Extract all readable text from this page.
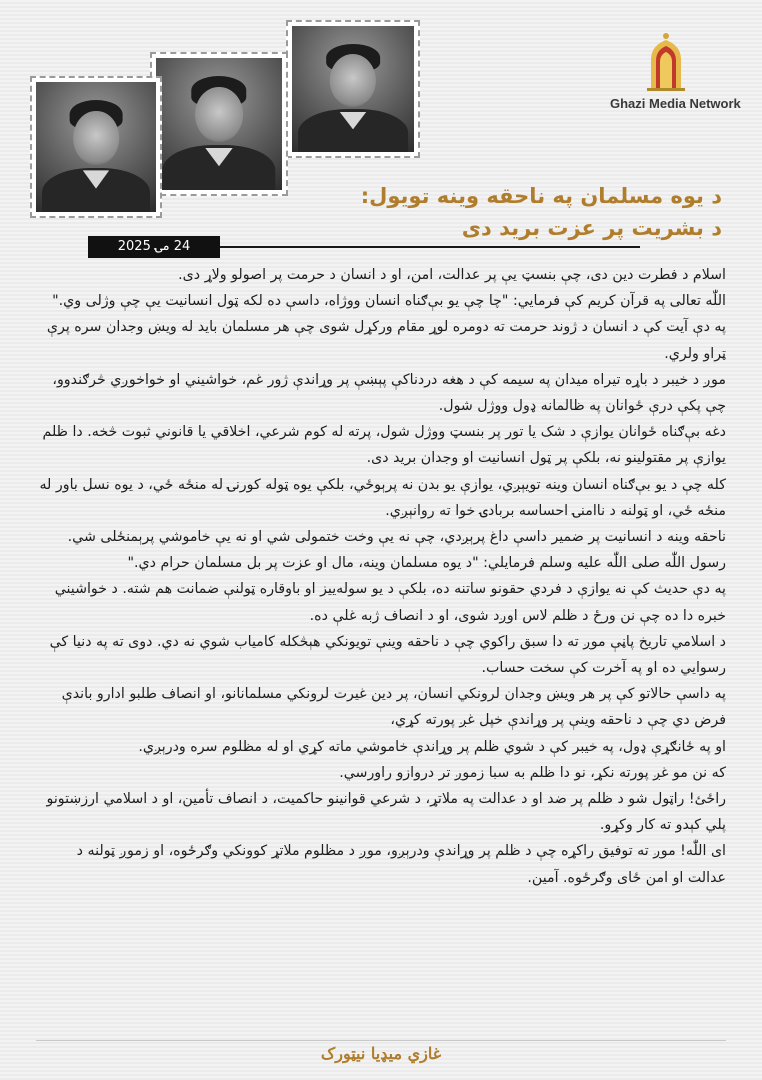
Ghazi Media Network
د یوه مسلمان په ناحقه وینه تویول:
د بشریت پر عزت برید دی
24 مۍ 2025

اسلام د فطرت دین دی، چې بنسټ یې پر عدالت، امن، او د انسان د حرمت پر اصولو ولاړ دی.

اللّٰه تعالی په قرآن کریم کې فرمايي: "چا چې یو بې‌ګناه انسان ووژاه، داسې ده لکه ټول انسانیت یې چې وژلی وي."

په دې آیت کې د انسان د ژوند حرمت ته دومره لوړ مقام ورکړل شوی چې هر مسلمان باید له ویښ وجدان سره پرې ټراو ولري.

موږ د خیبر د باړه تیراه میدان په سیمه کې د هغه دردناکې پېښې پر وړاندې ژور غم، خواشیني او خواخوږي څرګندوو، چې پکې درې ځوانان په ظالمانه ډول ووژل شول.

دغه بې‌ګناه ځوانان یوازې د شک یا تور پر بنسټ ووژل شول، پرته له کوم شرعي، اخلاقي یا قانوني ثبوت څخه. دا ظلم یوازې پر مقتولینو نه، بلکې پر ټول انسانیت او وجدان برید دی.

کله چې د یو بې‌ګناه انسان وینه تویېږي، یوازې یو بدن نه پرېوځي، بلکې یوه ټوله کورنۍ له منځه ځي، د یوه نسل باور له منځه ځي، او ټولنه د ناامنۍ احساسه بربادۍ خوا ته روانېږي.

ناحقه وینه د انسانیت پر ضمیر داسې داغ پرېږدي، چې نه یې وخت ختمولی شي او نه یې خاموشي پرېمنځلی شي.

رسول اللّٰه صلی اللّٰه علیه وسلم فرمایلي: "د یوه مسلمان وینه، مال او عزت پر بل مسلمان حرام دي."

په دې حدیث کې نه یوازې د فردي حقونو ساتنه ده، بلکې د یو سوله‌ییز او باوقاره ټولنې ضمانت هم شته. د خواشیني خبره دا ده چې نن ورځ د ظلم لاس اوږد شوی، او د انصاف ژبه غلې ده.

د اسلامي تاریخ پاڼې موږ ته دا سبق راکوي چې د ناحقه وینې تویونکي هېڅکله کامیاب شوي نه دي. دوی ته په دنیا کې رسوایي ده او په آخرت کې سخت حساب.

په داسې حالاتو کې پر هر ویښ وجدان لرونکي انسان، پر دین غیرت لرونکي مسلمانانو، او انصاف طلبو ادارو باندې فرض دي چې د ناحقه وینې پر وړاندې خپل غږ پورته کړي،

او په ځانګړې ډول، په خیبر کې د شوي ظلم پر وړاندې خاموشي ماته کړي او له مظلوم سره ودرېږي.

که نن مو غږ پورته نکړ، نو دا ظلم به سبا زموږ تر دروازو راورسي.

راځئ! راټول شو د ظلم پر ضد او د عدالت په ملاتړ، د شرعي قوانینو حاکمیت، د انصاف تأمین، او د اسلامي ارزښتونو پلي کېدو ته کار وکړو.

ای اللّٰه! موږ ته توفیق راکړه چې د ظلم پر وړاندې ودرېږو، موږ د مظلوم ملاتړ کوونکي وګرځوه، او زموږ ټولنه د عدالت او امن ځای وګرځوه. آمین.

غازي میډیا نیټورک
